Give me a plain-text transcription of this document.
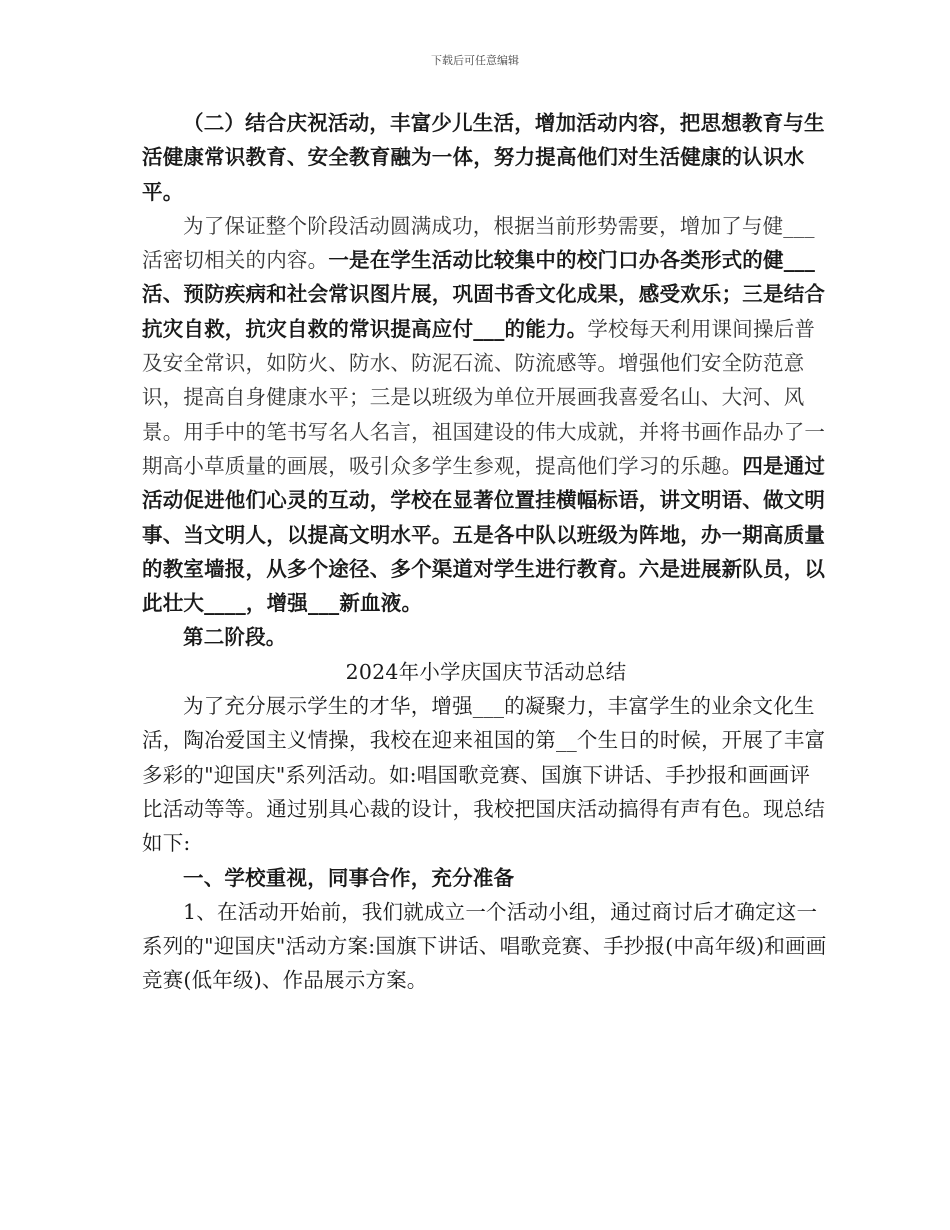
下载后可任意编辑

（二）结合庆祝活动，丰富少儿生活，增加活动内容，把思想教育与生活健康常识教育、安全教育融为一体，努力提高他们对生活健康的认识水平。

为了保证整个阶段活动圆满成功，根据当前形势需要，增加了与健___活密切相关的内容。一是在学生活动比较集中的校门口办各类形式的健___活、预防疾病和社会常识图片展，巩固书香文化成果，感受欢乐；三是结合抗灾自救，抗灾自救的常识提高应付___的能力。学校每天利用课间操后普及安全常识，如防火、防水、防泥石流、防流感等。增强他们安全防范意识，提高自身健康水平；三是以班级为单位开展画我喜爱名山、大河、风景。用手中的笔书写名人名言，祖国建设的伟大成就，并将书画作品办了一期高小草质量的画展，吸引众多学生参观，提高他们学习的乐趣。四是通过活动促进他们心灵的互动，学校在显著位置挂横幅标语，讲文明语、做文明事、当文明人，以提高文明水平。五是各中队以班级为阵地，办一期高质量的教室墙报，从多个途径、多个渠道对学生进行教育。六是进展新队员，以此壮大____，增强___新血液。

第二阶段。

2024年小学庆国庆节活动总结

为了充分展示学生的才华，增强___的凝聚力，丰富学生的业余文化生活，陶冶爱国主义情操，我校在迎来祖国的第__个生日的时候，开展了丰富多彩的"迎国庆"系列活动。如:唱国歌竞赛、国旗下讲话、手抄报和画画评比活动等等。通过别具心裁的设计，我校把国庆活动搞得有声有色。现总结如下:

一、学校重视，同事合作，充分准备

1、在活动开始前，我们就成立一个活动小组，通过商讨后才确定这一系列的"迎国庆"活动方案:国旗下讲话、唱歌竞赛、手抄报(中高年级)和画画竞赛(低年级)、作品展示方案。
